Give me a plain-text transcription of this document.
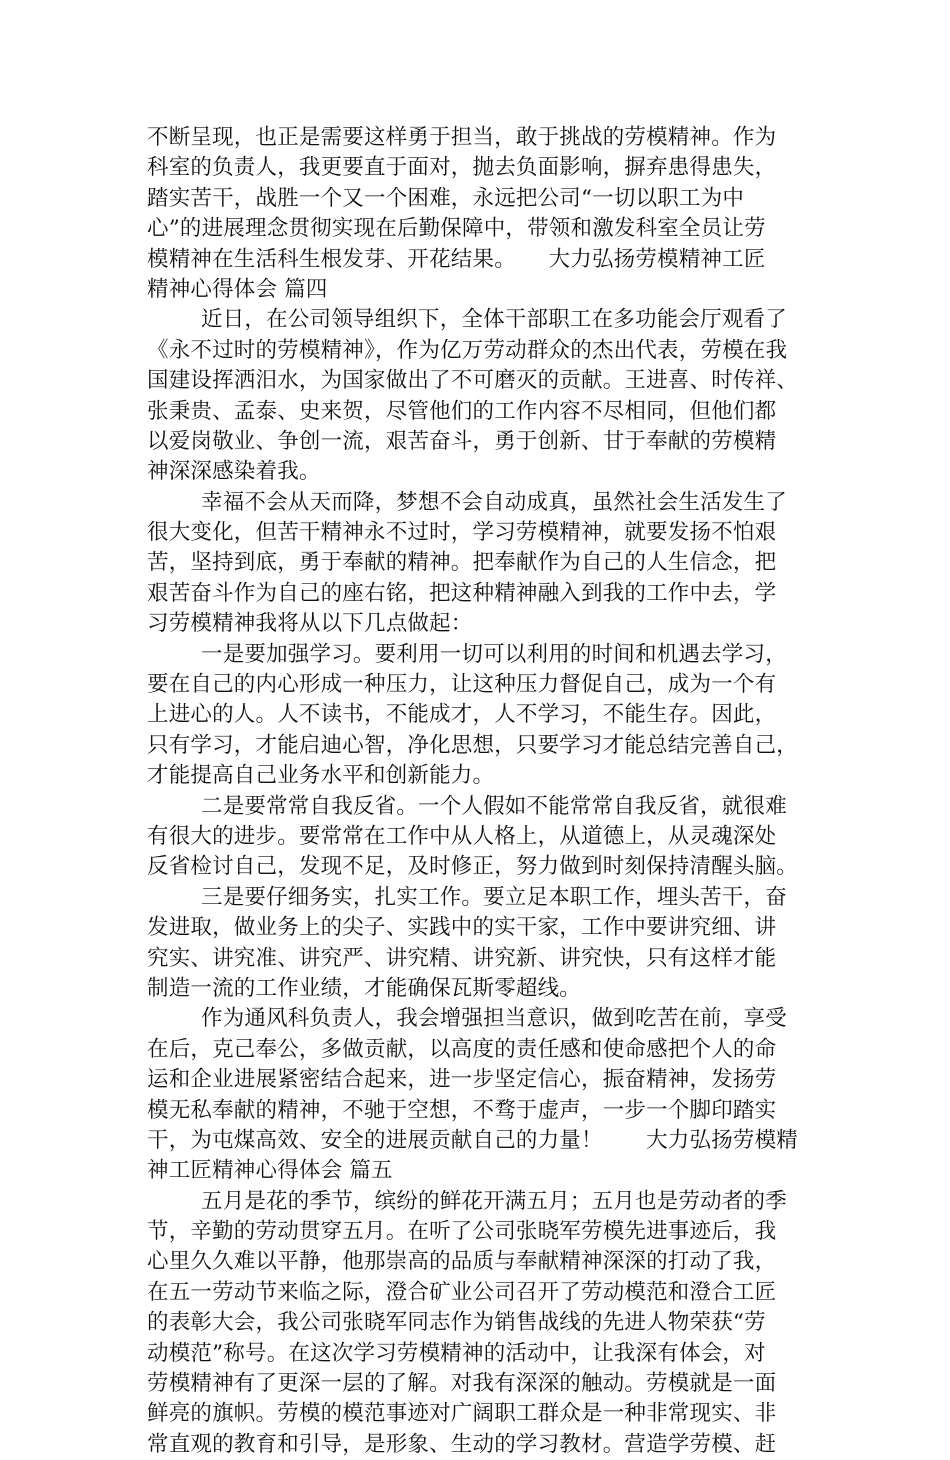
不断呈现，也正是需要这样勇于担当，敢于挑战的劳模精神。作为
科室的负责人，我更要直于面对，抛去负面影响，摒弃患得患失，
踏实苦干，战胜一个又一个困难，永远把公司“一切以职工为中
心”的进展理念贯彻实现在后勤保障中，带领和激发科室全员让劳
模精神在生活科生根发芽、开花结果。　　大力弘扬劳模精神工匠
精神心得体会 篇四
近日，在公司领导组织下，全体干部职工在多功能会厅观看了
《永不过时的劳模精神》，作为亿万劳动群众的杰出代表，劳模在我
国建设挥洒汨水，为国家做出了不可磨灭的贡献。王进喜、时传祥、
张秉贵、孟泰、史来贺，尽管他们的工作内容不尽相同，但他们都
以爱岗敬业、争创一流，艰苦奋斗，勇于创新、甘于奉献的劳模精
神深深感染着我。
幸福不会从天而降，梦想不会自动成真，虽然社会生活发生了
很大变化，但苦干精神永不过时，学习劳模精神，就要发扬不怕艰
苦，坚持到底，勇于奉献的精神。把奉献作为自己的人生信念，把
艰苦奋斗作为自己的座右铭，把这种精神融入到我的工作中去，学
习劳模精神我将从以下几点做起：
一是要加强学习。要利用一切可以利用的时间和机遇去学习，
要在自己的内心形成一种压力，让这种压力督促自己，成为一个有
上进心的人。人不读书，不能成才，人不学习，不能生存。因此，
只有学习，才能启迪心智，净化思想，只要学习才能总结完善自己，
才能提高自己业务水平和创新能力。
二是要常常自我反省。一个人假如不能常常自我反省，就很难
有很大的进步。要常常在工作中从人格上，从道德上，从灵魂深处
反省检讨自己，发现不足，及时修正，努力做到时刻保持清醒头脑。
三是要仔细务实，扎实工作。要立足本职工作，埋头苦干，奋
发进取，做业务上的尖子、实践中的实干家，工作中要讲究细、讲
究实、讲究准、讲究严、讲究精、讲究新、讲究快，只有这样才能
制造一流的工作业绩，才能确保瓦斯零超线。
作为通风科负责人，我会增强担当意识，做到吃苦在前，享受
在后，克己奉公，多做贡献，以高度的责任感和使命感把个人的命
运和企业进展紧密结合起来，进一步坚定信心，振奋精神，发扬劳
模无私奉献的精神，不驰于空想，不骛于虚声，一步一个脚印踏实
干，为屯煤高效、安全的进展贡献自己的力量！　　大力弘扬劳模精
神工匠精神心得体会 篇五
五月是花的季节，缤纷的鲜花开满五月；五月也是劳动者的季
节，辛勤的劳动贯穿五月。在听了公司张晓军劳模先进事迹后，我
心里久久难以平静，他那崇高的品质与奉献精神深深的打动了我，
在五一劳动节来临之际，澄合矿业公司召开了劳动模范和澄合工匠
的表彰大会，我公司张晓军同志作为销售战线的先进人物荣获“劳
动模范”称号。在这次学习劳模精神的活动中，让我深有体会，对
劳模精神有了更深一层的了解。对我有深深的触动。劳模就是一面
鲜亮的旗帜。劳模的模范事迹对广阔职工群众是一种非常现实、非
常直观的教育和引导，是形象、生动的学习教材。营造学劳模、赶
